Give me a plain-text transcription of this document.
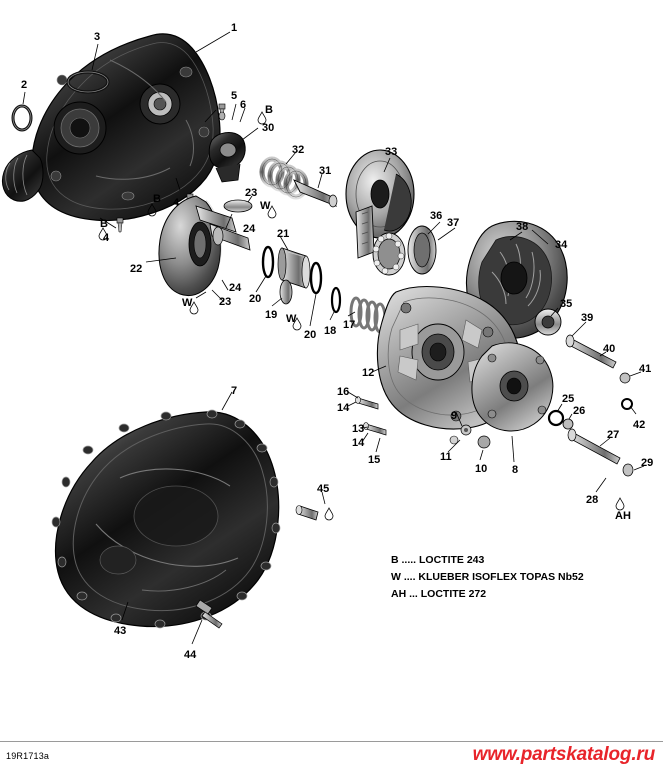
1
2
3
5
6 B
30
32
31
33
36
37	38
34
B 4
B
4
23
W
24 21
22
24
20
19 W
20 18 17
W 23
12
16
14
13
14
15
9
11
10 8
25
26
35
39
40
41
42
27
29
28
AH
7
45
43
44
B ..... LOCTITE 243
W .... KLUEBER ISOFLEX TOPAS Nb52
AH ... LOCTITE 272
19R1713a	www.partskatalog.ru
